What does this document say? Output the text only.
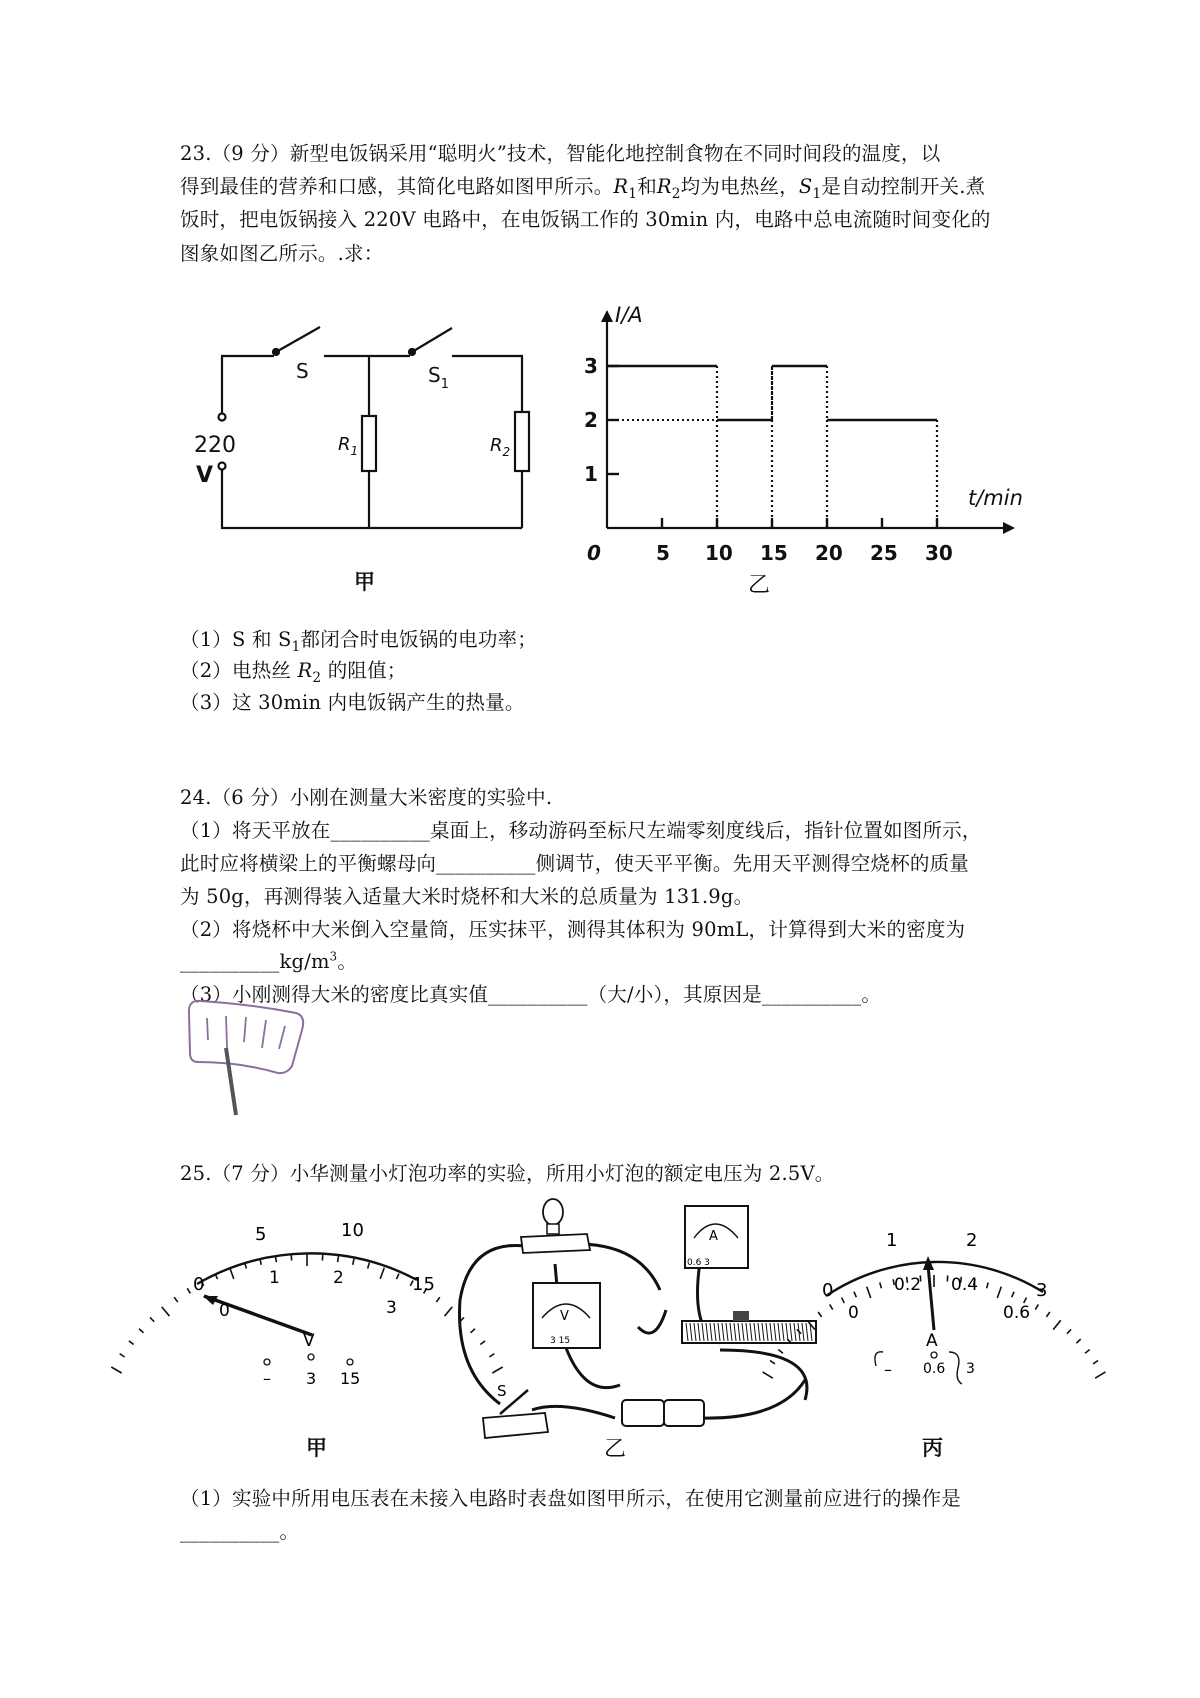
23.（9 分）新型电饭锅采用“聪明火”技术，智能化地控制食物在不同时间段的温度，以
得到最佳的营养和口感，其简化电路如图甲所示。$R_1$和$R_2$均为电热丝，$S_1$是自动控制开关.煮
饭时，把电饭锅接入 220V 电路中，在电饭锅工作的 30min 内，电路中总电流随时间变化的
图象如图乙所示。.求：
S	$S_1$
220
V
$R_1$	$R_2$
甲
5 10 15 20 25 30
1
2
3
0
I/A
t/min
乙
（1）S 和 $S_1$都闭合时电饭锅的电功率；
（2）电热丝 $R_2$ 的阻值；
（3）这 30min 内电饭锅产生的热量。
24.（6 分）小刚在测量大米密度的实验中.
（1）将天平放在__________桌面上，移动游码至标尺左端零刻度线后，指针位置如图所示，
此时应将横梁上的平衡螺母向__________侧调节，使天平平衡。先用天平测得空烧杯的质量
为 50g，再测得装入适量大米时烧杯和大米的总质量为 131.9g。
（2）将烧杯中大米倒入空量筒，压实抹平，测得其体积为 90mL，计算得到大米的密度为
$\_\_\_\_\_\_\_\_\_\_kg/m^3$。
（3）小刚测得大米的密度比真实值__________（大/小），其原因是__________。
25.（7 分）小华测量小灯泡功率的实验，所用小灯泡的额定电压为 2.5V。
0
5	10
15
0
1	2
3
V
– 3 15
甲
A
0.6 3
V
3 15
S
乙
0
1	2
3
0
0.2 0.4
0.6
A
– 0.6 3
丙
（1）实验中所用电压表在未接入电路时表盘如图甲所示，在使用它测量前应进行的操作是
__________。
